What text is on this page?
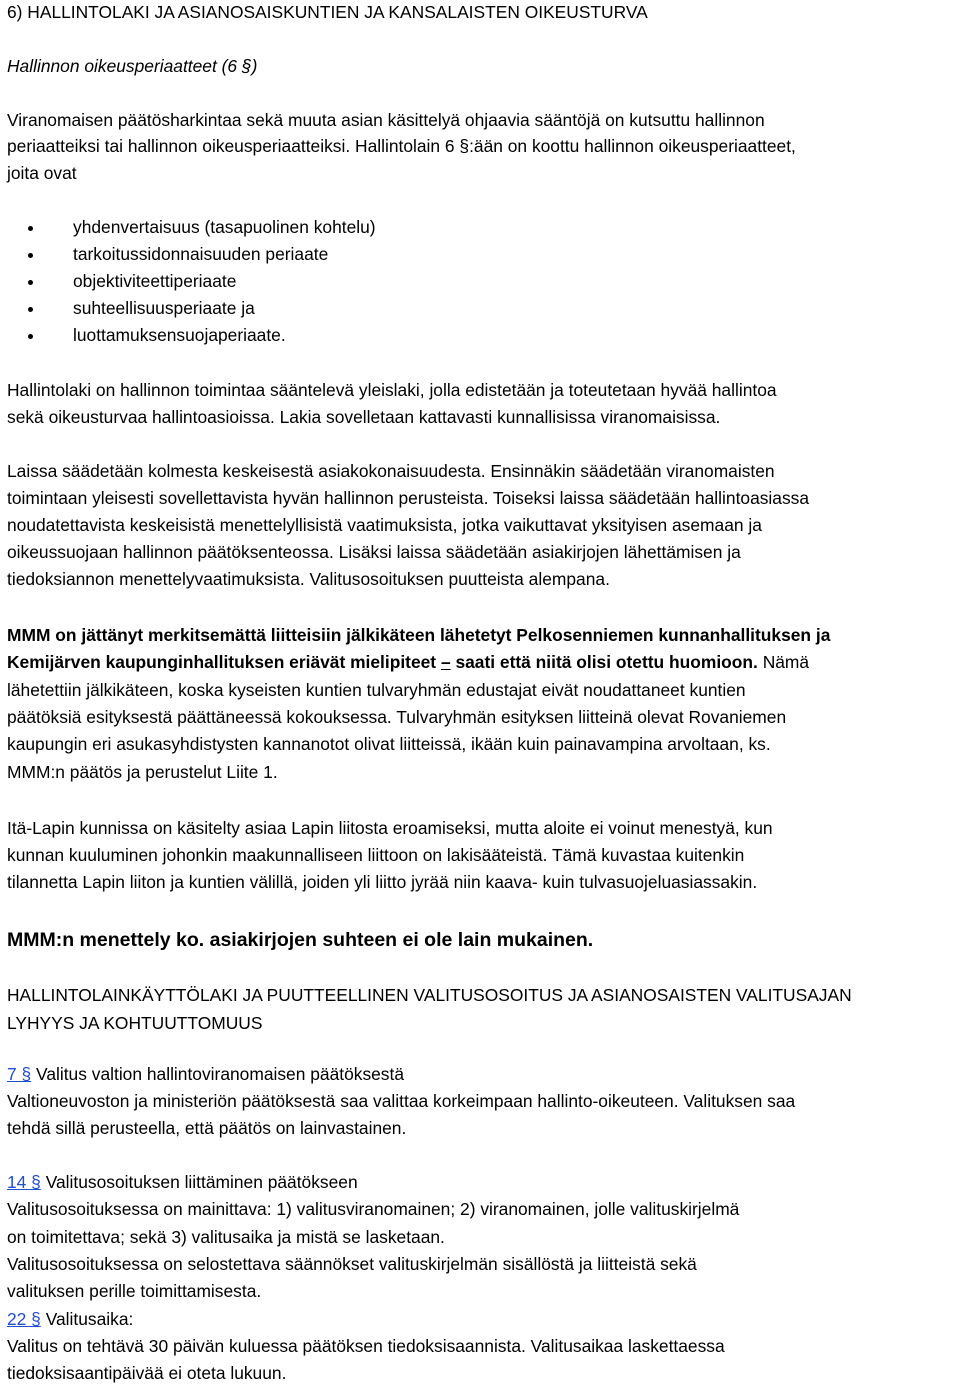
6) HALLINTOLAKI JA ASIANOSAISKUNTIEN JA KANSALAISTEN OIKEUSTURVA
Hallinnon oikeusperiaatteet (6 §)
Viranomaisen päätösharkintaa sekä muuta asian käsittelyä ohjaavia sääntöjä on kutsuttu hallinnon
periaatteiksi tai hallinnon oikeusperiaatteiksi. Hallintolain 6 §:ään on koottu hallinnon oikeusperiaatteet,
joita ovat
yhdenvertaisuus (tasapuolinen kohtelu)
tarkoitussidonnaisuuden periaate
objektiviteettiperiaate
suhteellisuusperiaate ja
luottamuksensuojaperiaate.
Hallintolaki on hallinnon toimintaa sääntelevä yleislaki, jolla edistetään ja toteutetaan hyvää hallintoa
sekä oikeusturvaa hallintoasioissa. Lakia sovelletaan kattavasti kunnallisissa viranomaisissa.
Laissa säädetään kolmesta keskeisestä asiakokonaisuudesta. Ensinnäkin säädetään viranomaisten
toimintaan yleisesti sovellettavista hyvän hallinnon perusteista. Toiseksi laissa säädetään hallintoasiassa
noudatettavista keskeisistä menettelyllisistä vaatimuksista, jotka vaikuttavat yksityisen asemaan ja
oikeussuojaan hallinnon päätöksenteossa. Lisäksi laissa säädetään asiakirjojen lähettämisen ja
tiedoksiannon menettelyvaatimuksista. Valitusosoituksen puutteista alempana.
MMM on jättänyt merkitsemättä liitteisiin jälkikäteen lähetetyt Pelkosenniemen kunnanhallituksen ja
Kemijärven kaupunginhallituksen eriävät mielipiteet – saati että niitä olisi otettu huomioon. Nämä
lähetettiin jälkikäteen, koska kyseisten kuntien tulvaryhmän edustajat eivät noudattaneet kuntien
päätöksiä esityksestä päättäneessä kokouksessa. Tulvaryhmän esityksen liitteinä olevat Rovaniemen
kaupungin eri asukasyhdistysten kannanotot olivat liitteissä, ikään kuin painavampina arvoltaan, ks.
MMM:n päätös ja perustelut Liite 1.
Itä-Lapin kunnissa on käsitelty asiaa Lapin liitosta eroamiseksi, mutta aloite ei voinut menestyä, kun
kunnan kuuluminen johonkin maakunnalliseen liittoon on lakisääteistä. Tämä kuvastaa kuitenkin
tilannetta Lapin liiton ja kuntien välillä, joiden yli liitto jyrää niin kaava- kuin tulvasuojeluasiassakin.
MMM:n menettely ko. asiakirjojen suhteen ei ole lain mukainen.
HALLINTOLAINKÄYTTÖLAKI JA PUUTTEELLINEN VALITUSOSOITUS JA ASIANOSAISTEN VALITUSAJAN
LYHYYS JA KOHTUUTTOMUUS
7 § Valitus valtion hallintoviranomaisen päätöksestä
Valtioneuvoston ja ministeriön päätöksestä saa valittaa korkeimpaan hallinto-oikeuteen. Valituksen saa
tehdä sillä perusteella, että päätös on lainvastainen.
14 § Valitusosoituksen liittäminen päätökseen
Valitusosoituksessa on mainittava: 1) valitusviranomainen; 2) viranomainen, jolle valituskirjelmä
on toimitettava; sekä 3) valitusaika ja mistä se lasketaan.
Valitusosoituksessa on selostettava säännökset valituskirjelmän sisällöstä ja liitteistä sekä
valituksen perille toimittamisesta.
22 § Valitusaika:
Valitus on tehtävä 30 päivän kuluessa päätöksen tiedoksisaannista. Valitusaikaa laskettaessa
tiedoksisaantipäivää ei oteta lukuun.
